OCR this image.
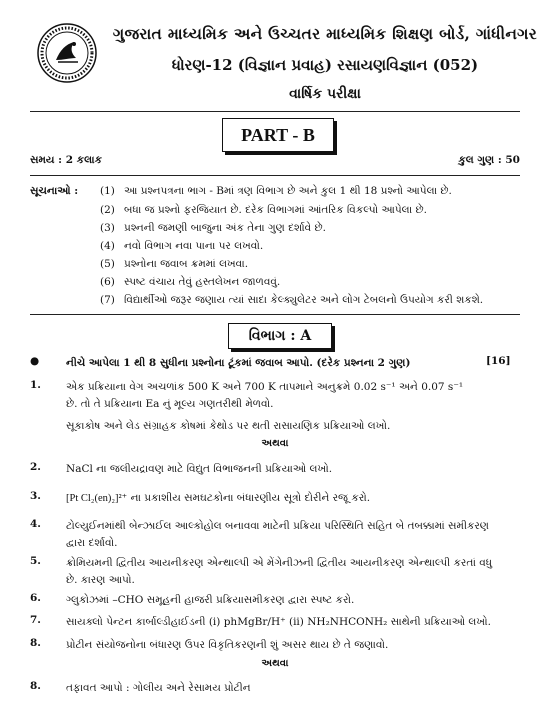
ગુજરાત માધ્યમિક અને ઉચ્ચતર માધ્યમિક શિક્ષણ બોર્ડ, ગાંધીનગર
ધોરણ-12 (વિજ્ઞાન પ્રવાહ) રસાયણવિજ્ઞાન (052)
વાર્ષિક પરીક્ષા
PART - B
સમય : 2 કલાક	કુલ ગુણ : 50
સૂચનાઓ : (1) આ પ્રશ્નપત્રના ભાગ - Bમાં ત્રણ વિભાગ છે અને કુલ 1 થી 18 પ્રશ્નો આપેલા છે.
(2) બધા જ પ્રશ્નો ફરજિયાત છે. દરેક વિભાગમાં આંતરિક વિકલ્પો આપેલા છે.
(3) પ્રશ્નની જમણી બાજુના અંક તેના ગુણ દર્શાવે છે.
(4) નવો વિભાગ નવા પાના પર લખવો.
(5) પ્રશ્નોના જવાબ ક્રમમાં લખવા.
(6) સ્પષ્ટ વંચાય તેવું હસ્તલેખન જાળવવું.
(7) વિદ્યાર્થીઓ જરૂર જણાય ત્યાં સાદા કેલ્ક્યુલેટર અને લોગ ટેબલનો ઉપયોગ કરી શકશે.
વિભાગ : A
●	નીચે આપેલા 1 થી 8 સુધીના પ્રશ્નોના ટૂંકમાં જવાબ આપો. (દરેક પ્રશ્નના 2 ગુણ)	[16]
1.	એક પ્રક્રિયાના વેગ અચળાંક 500 K અને 700 K તાપમાને અનુક્રમે 0.02 s⁻¹ અને 0.07 s⁻¹
છે. તો તે પ્રક્રિયાના Ea નું મૂલ્ય ગણતરીથી મેળવો.
સૂકાકોષ અને લેડ સંગ્રાહક કોષમાં કેથોડ પર થતી રાસાયણિક પ્રક્રિયાઓ લખો.
અથવા
2.	NaCl ના જલીયદ્રાવણ માટે વિદ્યુત વિભાજનની પ્રક્રિયાઓ લખો.
3.	[Pt Cl₂(en)₂]²⁺ ના પ્રકાશીય સમઘટકોના બંધારણીય સૂત્રો દોરીને રજૂ કરો.
4.	ટોલ્યુઈનમાંથી બેન્ઝાઈલ આલ્કોહોલ બનાવવા માટેની પ્રક્રિયા પરિસ્થિતિ સહિત બે તબક્કામાં સમીકરણ
દ્વારા દર્શાવો.
5.	ક્રોમિયમની દ્વિતીય આયનીકરણ એન્થાલ્પી એ મેંગેનીઝની દ્વિતીય આયનીકરણ એન્થાલ્પી કરતાં વધુ
છે. કારણ આપો.
6.	ગ્લુકોઝમાં –CHO સમૂહની હાજરી પ્રક્રિયાસમીકરણ દ્વારા સ્પષ્ટ કરો.
7.	સાયક્લો પેન્ટન કાર્બાલ્ડીહાઈડની (i) phMgBr/H⁺ (ii) NH₂NHCONH₂ સાથેની પ્રક્રિયાઓ લખો.
8.	પ્રોટીન સંયોજનોના બંધારણ ઉપર વિકૃતિકરણની શું અસર થાય છે તે જણાવો.
અથવા
8.	તફાવત આપો : ગોલીય અને રેસામય પ્રોટીન
